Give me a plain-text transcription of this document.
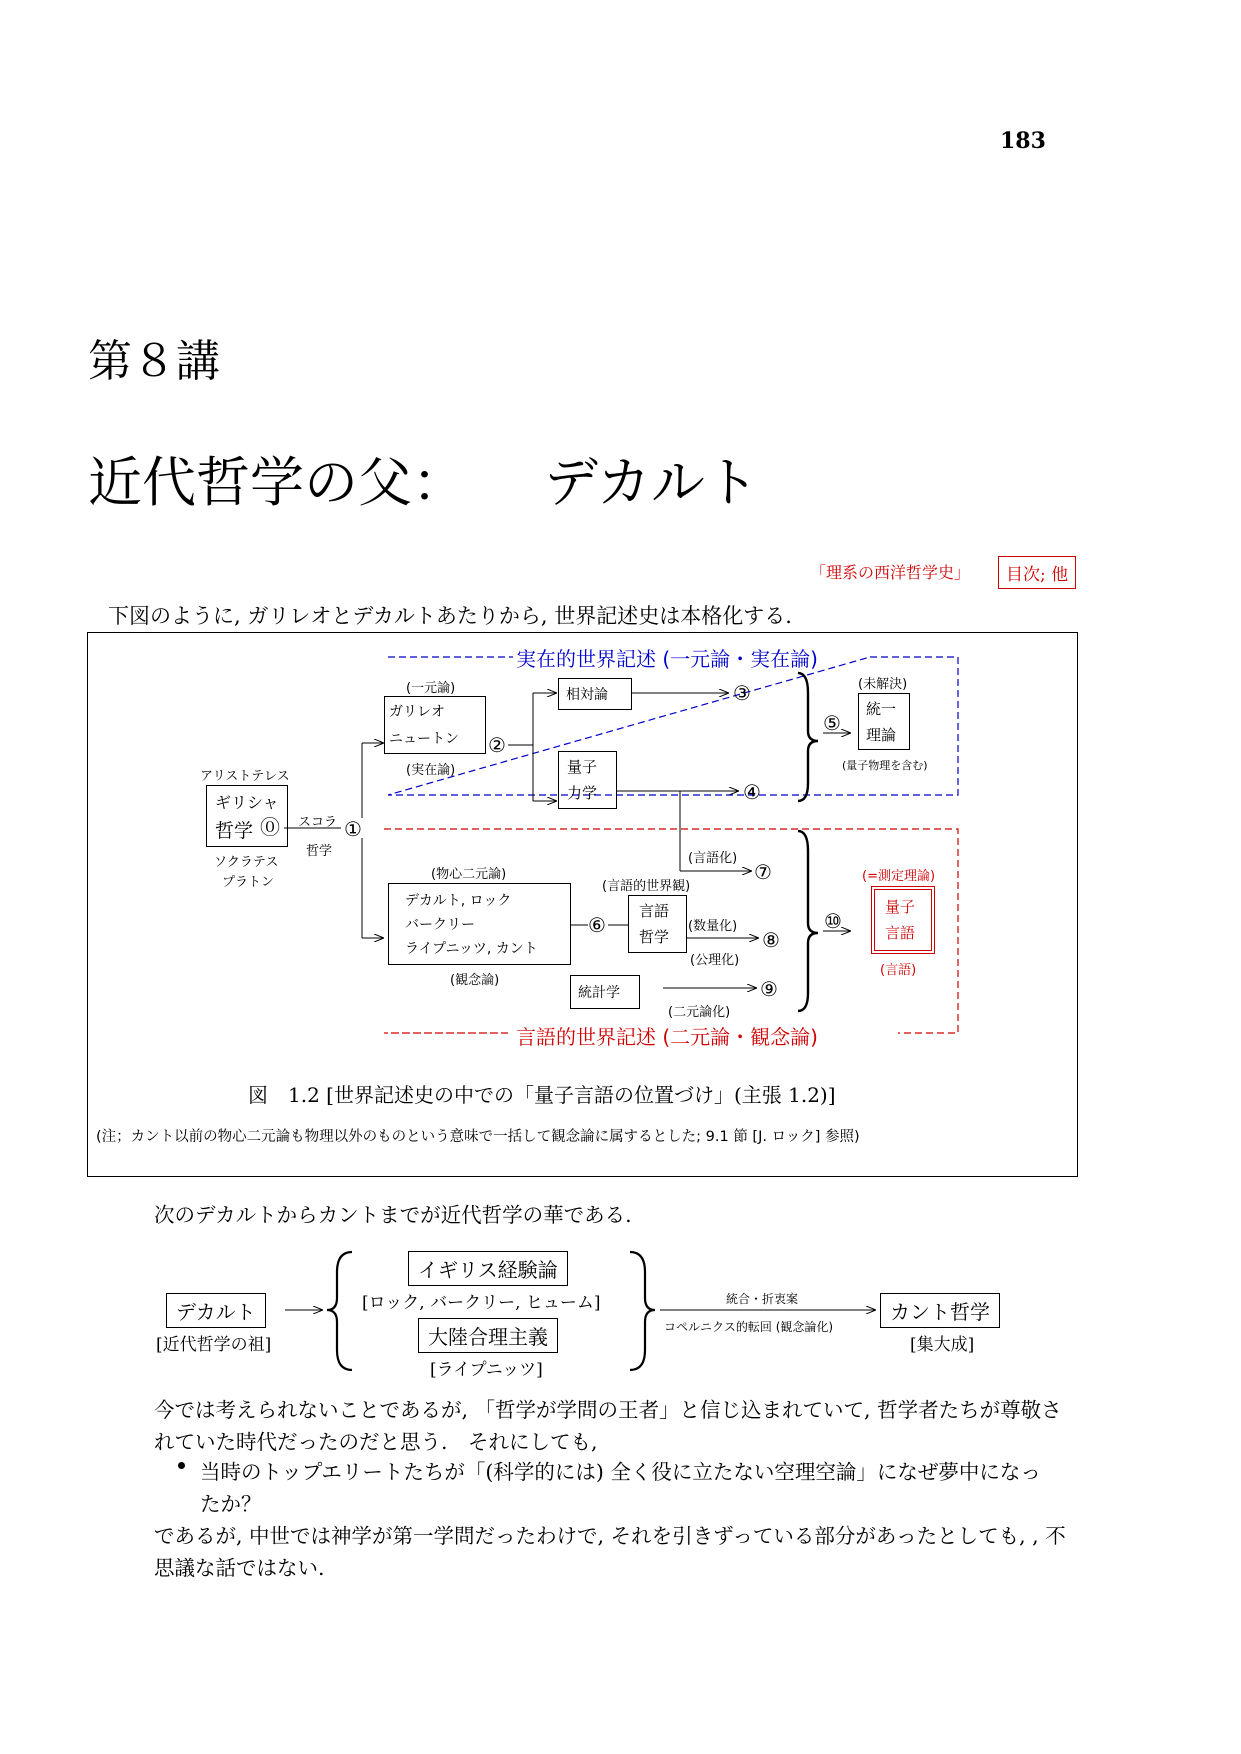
183
第８講
近代哲学の父： デカルト
「理系の西洋哲学史」	目次; 他
下図のように, ガリレオとデカルトあたりから, 世界記述史は本格化する.
実在的世界記述 (一元論・実在論)
言語的世界記述 (二元論・観念論)
アリストテレス
ギリシャ
哲学 ⓪
ソクラテス
プラトン
スコラ
哲学
①
(一元論)
ガリレオ
ニュートン ②
(実在論)
相対論	③
量子
力学	④
⑤
(未解決)
統一
理論
(量子物理を含む)
(物心二元論)
デカルト, ロック
バークリー
ライプニッツ, カント
(観念論)
⑥
(言語的世界観)
言語
哲学
(言語化)
⑦
(数量化)
⑧
(公理化)
統計学
(二元論化)
⑨
⑩
(=測定理論)
量子
言語
(言語)
図　1.2 [世界記述史の中での「量子言語の位置づけ」(主張 1.2)]
(注；カント以前の物心二元論も物理以外のものという意味で一括して観念論に属するとした; 9.1 節 [J. ロック] 参照)
次のデカルトからカントまでが近代哲学の華である.
デカルト
[近代哲学の祖]
イギリス経験論
[ロック, バークリー, ヒューム]
大陸合理主義
[ライプニッツ]
統合・折衷案
コペルニクス的転回 (観念論化)
カント哲学
[集大成]
今では考えられないことであるが, 「哲学が学問の王者」と信じ込まれていて, 哲学者たちが尊敬さ
れていた時代だったのだと思う.　それにしても,
当時のトップエリートたちが「(科学的には) 全く役に立たない空理空論」になぜ夢中になっ
たか？
であるが, 中世では神学が第一学問だったわけで, それを引きずっている部分があったとしても, , 不
思議な話ではない.
